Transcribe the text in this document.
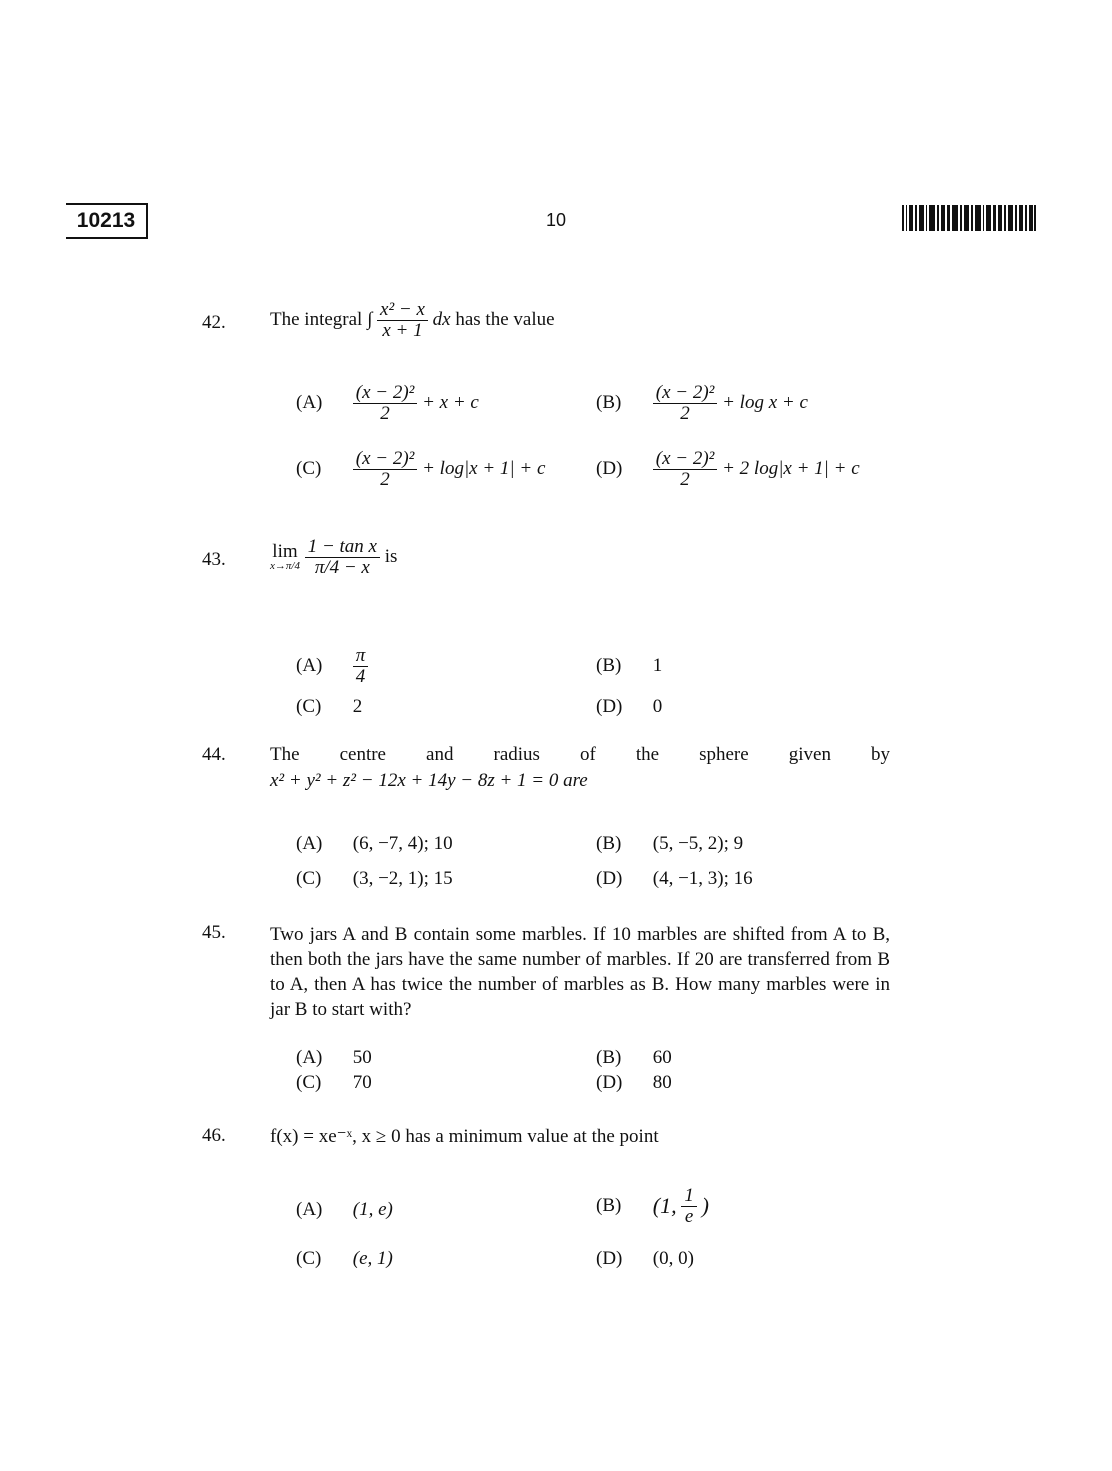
10213	10
42. The integral ∫ $\frac{\text{x² − x}}{x + 1}$ dx has the value
$(A) \frac{\text{(x − 2)²}}{2} + x + c$	$(B) \frac{\text{(x − 2)²}}{2} + \log x + c$
$(C) \frac{\text{(x − 2)²}}{2} + \log|x + 1| + c$	$(D) \frac{\text{(x − 2)²}}{2} + 2$ log|x + 1| + c
43. lim
x→π/4
$\frac{\text{1 − tan x}}{\pi/4 - x}$ is
$(A) \frac{\pi}{4}$	(B) 1
(C) 2	(D) 0
44. The centre and radius of the sphere given by
x² + y² + z² − 12x + 14y − 8z + 1 = 0 are
(A) (6, −7, 4); 10	(B) (5, −5, 2); 9
(C) (3, −2, 1); 15	(D) (4, −1, 3); 16
45. Two jars A and B contain some marbles. If 10 marbles are shifted from A to B, then both the jars have the same number of marbles. If 20 are transferred from B to A, then A has twice the number of marbles as B. How many marbles were in jar B to start with?
(A) 50	(B) 60
(C) 70	(D) 80
46. f(x) = xe⁻ˣ, x ≥ 0 has a minimum value at the point
(A) (1, e)	(B) (1, $\frac{1}{e}$ )
(C) (e, 1)	(D) (0, 0)
